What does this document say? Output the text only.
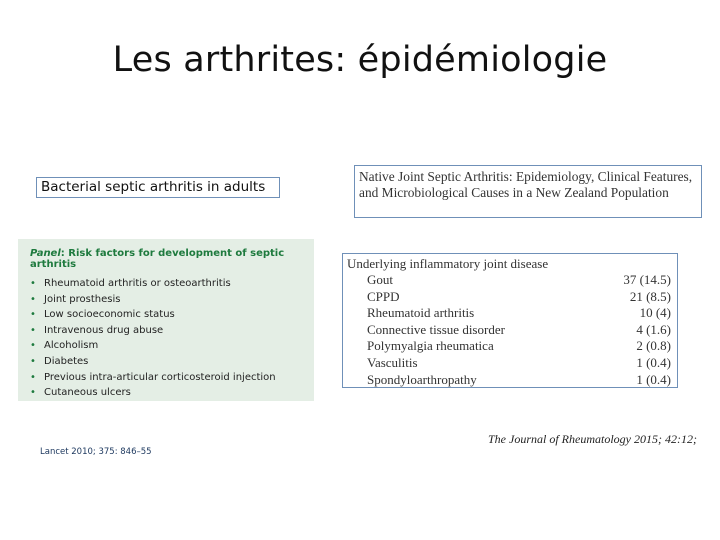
Les arthrites: épidémiologie
Bacterial septic arthritis in adults
Panel: Risk factors for development of septic arthritis
• Rheumatoid arthritis or osteoarthritis
• Joint prosthesis
• Low socioeconomic status
• Intravenous drug abuse
• Alcoholism
• Diabetes
• Previous intra-articular corticosteroid injection
• Cutaneous ulcers
Lancet 2010; 375: 846–55
Native Joint Septic Arthritis: Epidemiology, Clinical Features, and Microbiological Causes in a New Zealand Population
Underlying inflammatory joint disease
Gout	37 (14.5)
CPPD	21 (8.5)
Rheumatoid arthritis	10 (4)
Connective tissue disorder	4 (1.6)
Polymyalgia rheumatica	2 (0.8)
Vasculitis	1 (0.4)
Spondyloarthropathy	1 (0.4)
The Journal of Rheumatology 2015; 42:12;
